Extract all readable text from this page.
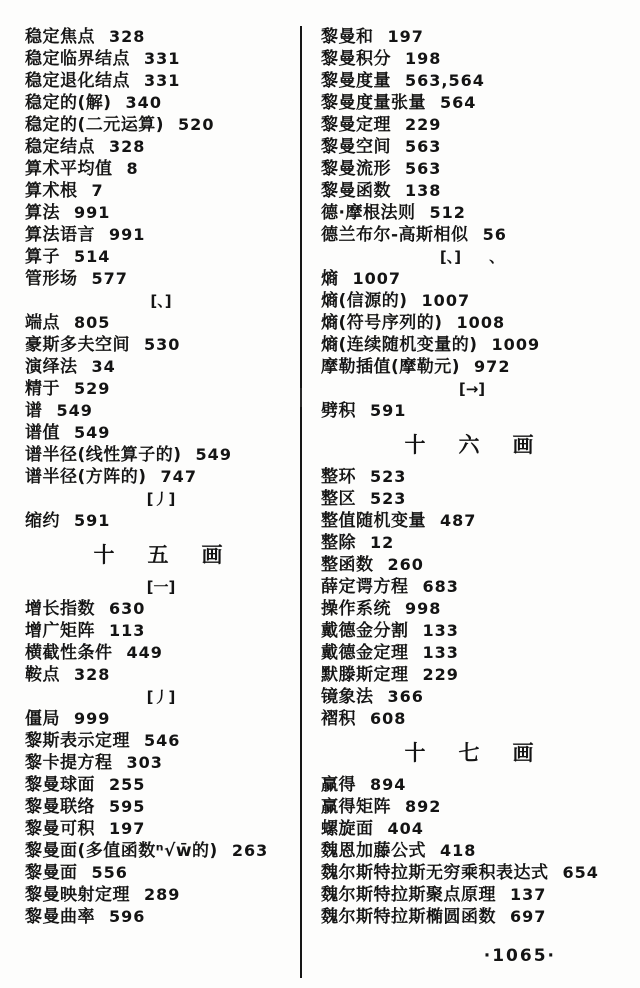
稳定焦点 328
稳定临界结点 331
稳定退化结点 331
稳定的(解) 340
稳定的(二元运算) 520
稳定结点 328
算术平均值 8
算术根 7
算法 991
算法语言 991
算子 514
管形场 577
[、]
端点 805
豪斯多夫空间 530
演绎法 34
精于 529
谱 549
谱值 549
谱半径(线性算子的) 549
谱半径(方阵的) 747
[丿]
缩约 591
十　五　画
[一]
增长指数 630
增广矩阵 113
横截性条件 449
鞍点 328
[丿]
僵局 999
黎斯表示定理 546
黎卡提方程 303
黎曼球面 255
黎曼联络 595
黎曼可积 197
黎曼面(多值函数ⁿ√w̄的) 263
黎曼面 556
黎曼映射定理 289
黎曼曲率 596
黎曼和 197
黎曼积分 198
黎曼度量 563,564
黎曼度量张量 564
黎曼定理 229
黎曼空间 563
黎曼流形 563
黎曼函数 138
德·摩根法则 512
德兰布尔-高斯相似 56
[、] 、
熵 1007
熵(信源的) 1007
熵(符号序列的) 1008
熵(连续随机变量的) 1009
摩勒插值(摩勒元) 972
[→]
劈积 591
十　六　画
整环 523
整区 523
整值随机变量 487
整除 12
整函数 260
薛定谔方程 683
操作系统 998
戴德金分割 133
戴德金定理 133
默滕斯定理 229
镜象法 366
褶积 608
十　七　画
赢得 894
赢得矩阵 892
螺旋面 404
魏恩加藤公式 418
魏尔斯特拉斯无穷乘积表达式 654
魏尔斯特拉斯聚点原理 137
魏尔斯特拉斯椭圆函数 697
·1065·
